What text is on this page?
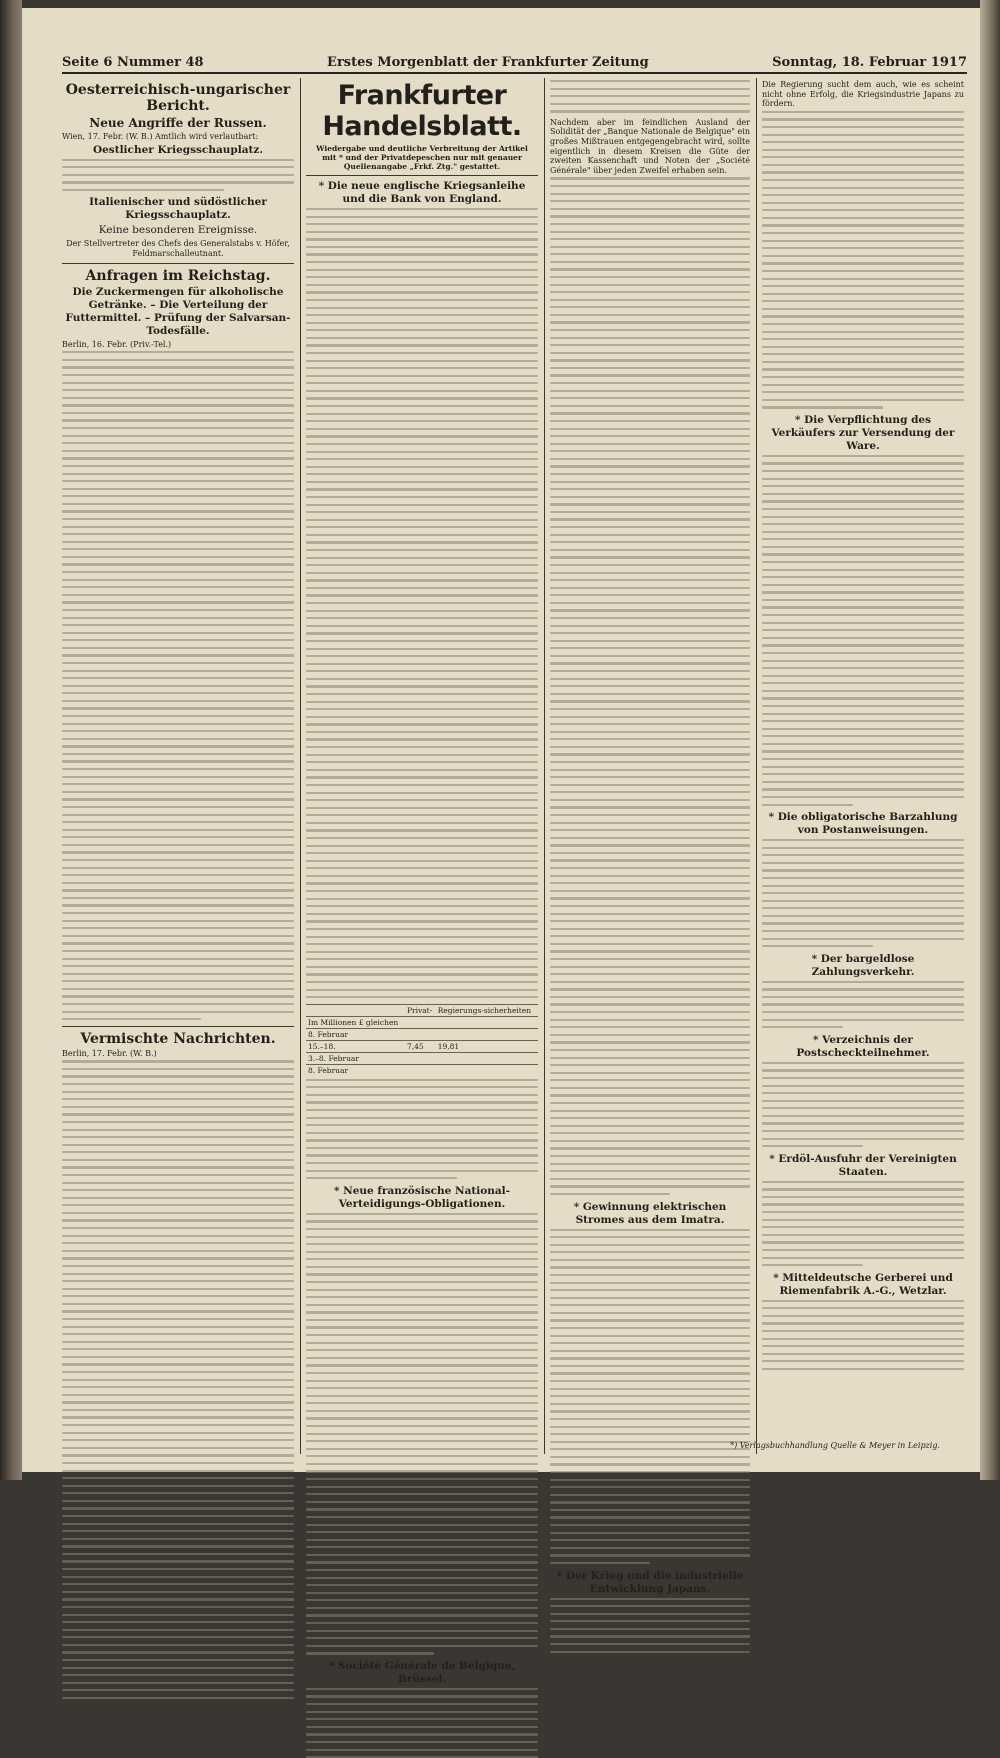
Seite 6 Nummer 48	Erstes Morgenblatt der Frankfurter Zeitung	Sonntag, 18. Februar 1917
Oesterreichisch-ungarischer Bericht.
Neue Angriffe der Russen.

Wien, 17. Febr. (W. B.) Amtlich wird verlautbart:

Oestlicher Kriegsschauplatz.
Italienischer und südöstlicher Kriegsschauplatz.
Keine besonderen Ereignisse.

Der Stellvertreter des Chefs des Generalstabs v. Höfer, Feldmarschalleutnant.

Anfragen im Reichstag.
Die Zuckermengen für alkoholische Getränke. – Die Verteilung der Futtermittel. – Prüfung der Salvarsan-Todesfälle.

Berlin, 16. Febr. (Priv.-Tel.)

Vermischte Nachrichten.

Berlin, 17. Febr. (W. B.)

Frankfurter Handelsblatt.
Wiedergabe und deutliche Verbreitung der Artikel mit * und der Privatdepeschen nur mit genauer Quellenangabe „Frkf. Ztg." gestattet.
* Die neue englische Kriegsanleihe und die Bank von England.
	Privat-	Regierungs-sicherheiten
Im Millionen £ gleichen		
8. Februar		
15.–18.	7,45	19,81
3.–8. Februar		
8. Februar		
* Neue französische National-Verteidigungs-Obligationen.
* Société Générale de Belgique, Brüssel.

Nachdem aber im feindlichen Ausland der Solidität der „Banque Nationale de Belgique" ein großes Mißtrauen entgegengebracht wird, sollte eigentlich in diesem Kreisen die Güte der zweiten Kassenchaft und Noten der „Société Générale" über jeden Zweifel erhaben sein.

* Gewinnung elektrischen Stromes aus dem Imatra.
* Der Krieg und die industrielle Entwicklung Japans.

Die Regierung sucht dem auch, wie es scheint nicht ohne Erfolg, die Kriegsindustrie Japans zu fördern.

* Die Verpflichtung des Verkäufers zur Versendung der Ware.
* Die obligatorische Barzahlung von Postanweisungen.
* Der bargeldlose Zahlungsverkehr.
* Verzeichnis der Postscheckteilnehmer.
* Erdöl-Ausfuhr der Vereinigten Staaten.
* Mitteldeutsche Gerberei und Riemenfabrik A.-G., Wetzlar.
*) Verlagsbuchhandlung Quelle & Meyer in Leipzig.
